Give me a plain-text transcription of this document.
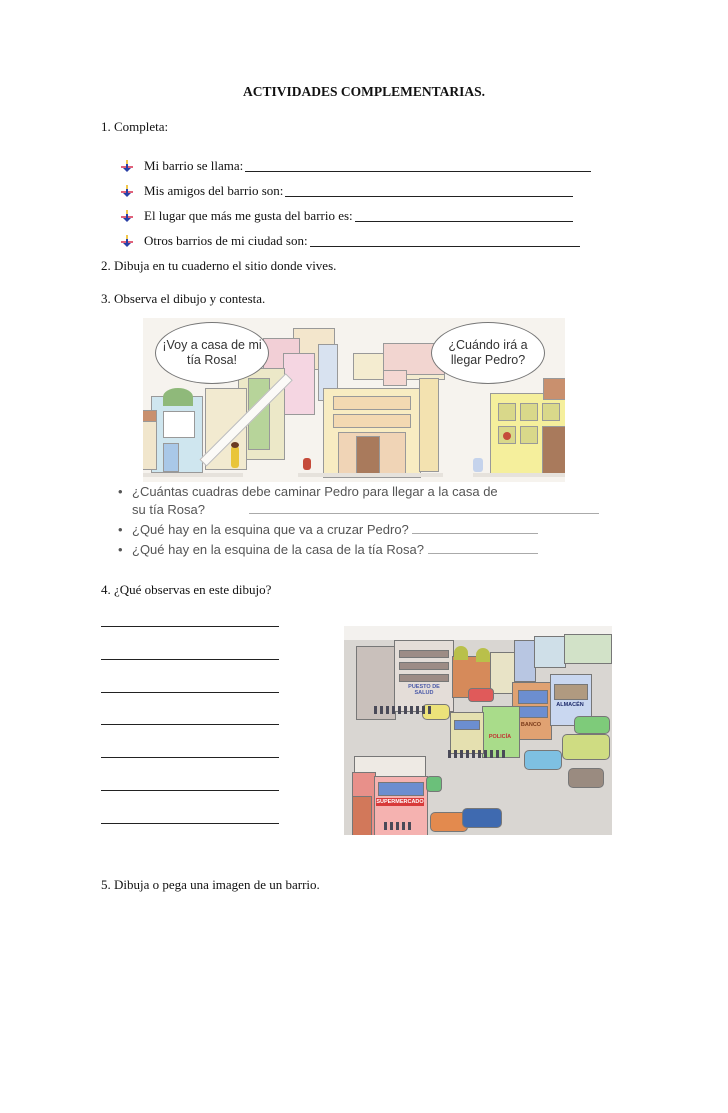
ACTIVIDADES COMPLEMENTARIAS.
1. Completa:
Mi barrio se llama:
Mis amigos del barrio son:
El lugar que más me gusta del barrio es:
Otros barrios de mi ciudad son:
2. Dibuja en tu cuaderno el sitio donde vives.
3. Observa el dibujo y contesta.
¡Voy a casa de mi tía Rosa!
¿Cuándo irá a llegar Pedro?
• ¿Cuántas cuadras debe caminar Pedro para llegar a la casa de
su tía Rosa?
• ¿Qué hay en la esquina que va a cruzar Pedro?
• ¿Qué hay en la esquina de la casa de la tía Rosa?
4. ¿Qué observas en este dibujo?
PUESTO DE SALUD
BANCO
ALMACÉN
POLICÍA
SUPERMERCADO
5. Dibuja o pega una imagen de un barrio.
